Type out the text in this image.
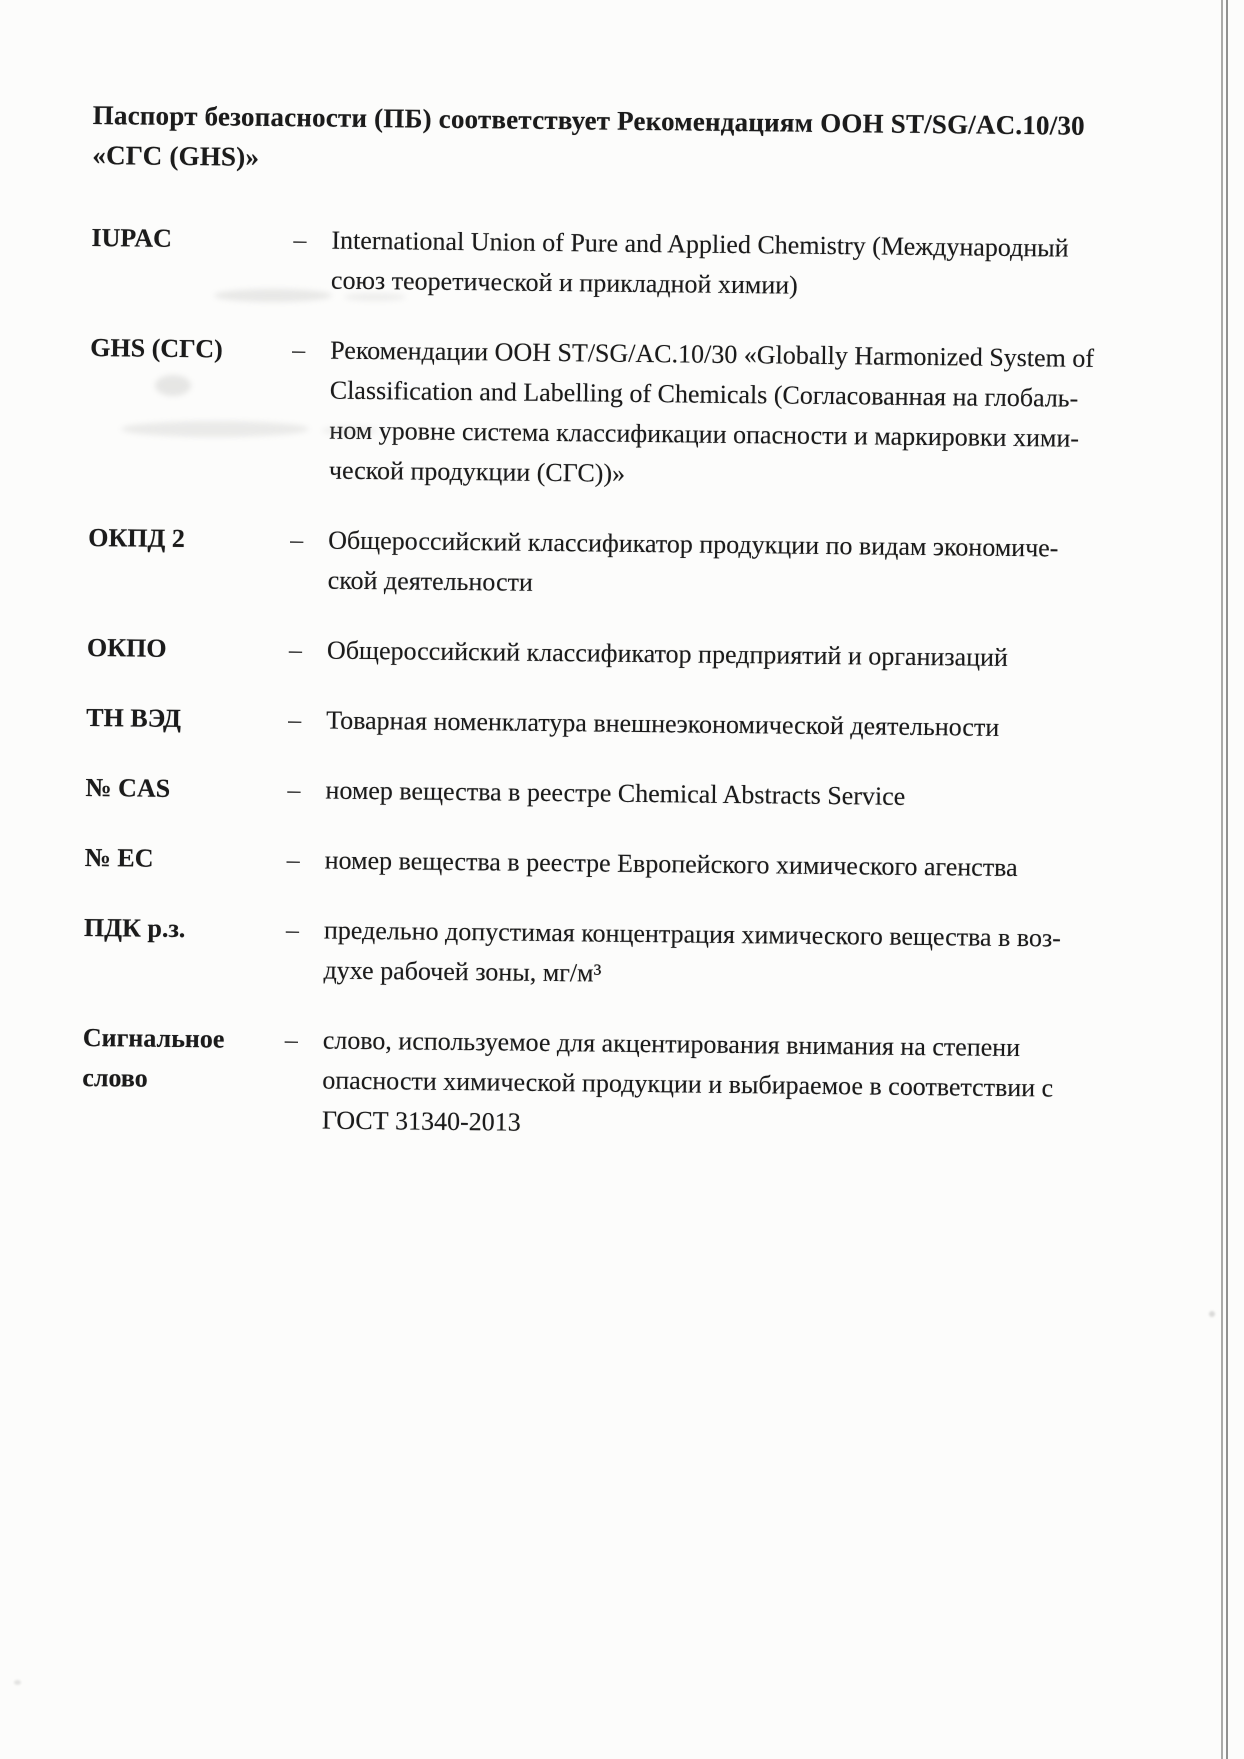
Паспорт безопасности (ПБ) соответствует Рекомендациям ООН ST/SG/AC.10/30
«СГС (GHS)»
IUPAC	– International Union of Pure and Applied Chemistry (Международный
союз теоретической и прикладной химии)
GHS (СГС)	– Рекомендации ООН ST/SG/AC.10/30 «Globally Harmonized System of
Classification and Labelling of Chemicals (Согласованная на глобаль-
ном уровне система классификации опасности и маркировки хими-
ческой продукции (СГС))»
ОКПД 2	– Общероссийский классификатор продукции по видам экономиче-
ской деятельности
ОКПО	– Общероссийский классификатор предприятий и организаций
ТН ВЭД	– Товарная номенклатура внешнеэкономической деятельности
№ CAS	– номер вещества в реестре Chemical Abstracts Service
№ ЕС	– номер вещества в реестре Европейского химического агенства
ПДК р.з.	– предельно допустимая концентрация химического вещества в воз-
духе рабочей зоны, мг/м³
Сигнальное
слово
– слово, используемое для акцентирования внимания на степени
опасности химической продукции и выбираемое в соответствии с
ГОСТ 31340-2013
